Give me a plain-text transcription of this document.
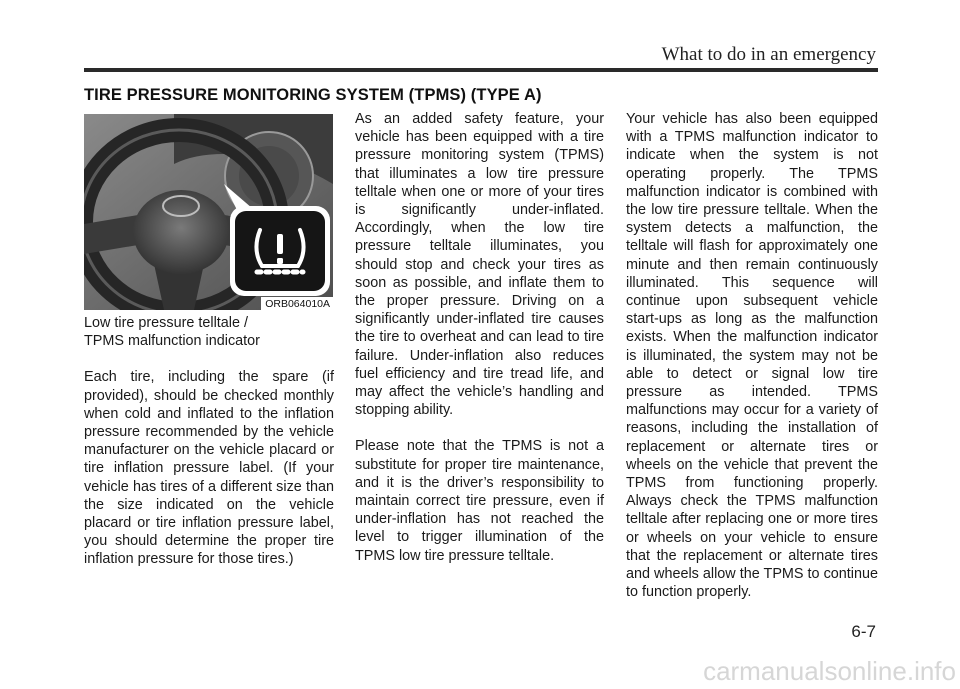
What to do in an emergency
TIRE PRESSURE MONITORING SYSTEM (TPMS) (TYPE A)
ORB064010A

Low tire pressure telltale /
TPMS malfunction indicator

Each tire, including the spare (if provided), should be checked monthly when cold and inflated to the inflation pressure recommended by the vehicle manufacturer on the vehicle placard or tire inflation pressure label. (If your vehicle has tires of a different size than the size indicated on the vehicle placard or tire inflation pressure label, you should determine the proper tire inflation pressure for those tires.)

As an added safety feature, your vehicle has been equipped with a tire pressure monitoring system (TPMS) that illuminates a low tire pressure telltale when one or more of your tires is significantly under-inflated. Accordingly, when the low tire pressure telltale illuminates, you should stop and check your tires as soon as possible, and inflate them to the proper pressure. Driving on a significantly under-inflated tire causes the tire to overheat and can lead to tire failure. Under-inflation also reduces fuel efficiency and tire tread life, and may affect the vehicle’s handling and stopping ability.

Please note that the TPMS is not a substitute for proper tire maintenance, and it is the driver’s responsibility to maintain correct tire pressure, even if under-inflation has not reached the level to trigger illumination of the TPMS low tire pressure telltale.

Your vehicle has also been equipped with a TPMS malfunction indicator to indicate when the system is not operating properly. The TPMS malfunction indicator is combined with the low tire pressure telltale. When the system detects a malfunction, the telltale will flash for approximately one minute and then remain continuously illuminated. This sequence will continue upon subsequent vehicle start-ups as long as the malfunction exists. When the malfunction indicator is illuminated, the system may not be able to detect or signal low tire pressure as intended. TPMS malfunctions may occur for a variety of reasons, including the installation of replacement or alternate tires or wheels on the vehicle that prevent the TPMS from functioning properly. Always check the TPMS malfunction telltale after replacing one or more tires or wheels on your vehicle to ensure that the replacement or alternate tires and wheels allow the TPMS to continue to function properly.

6-7
carmanualsonline.info
